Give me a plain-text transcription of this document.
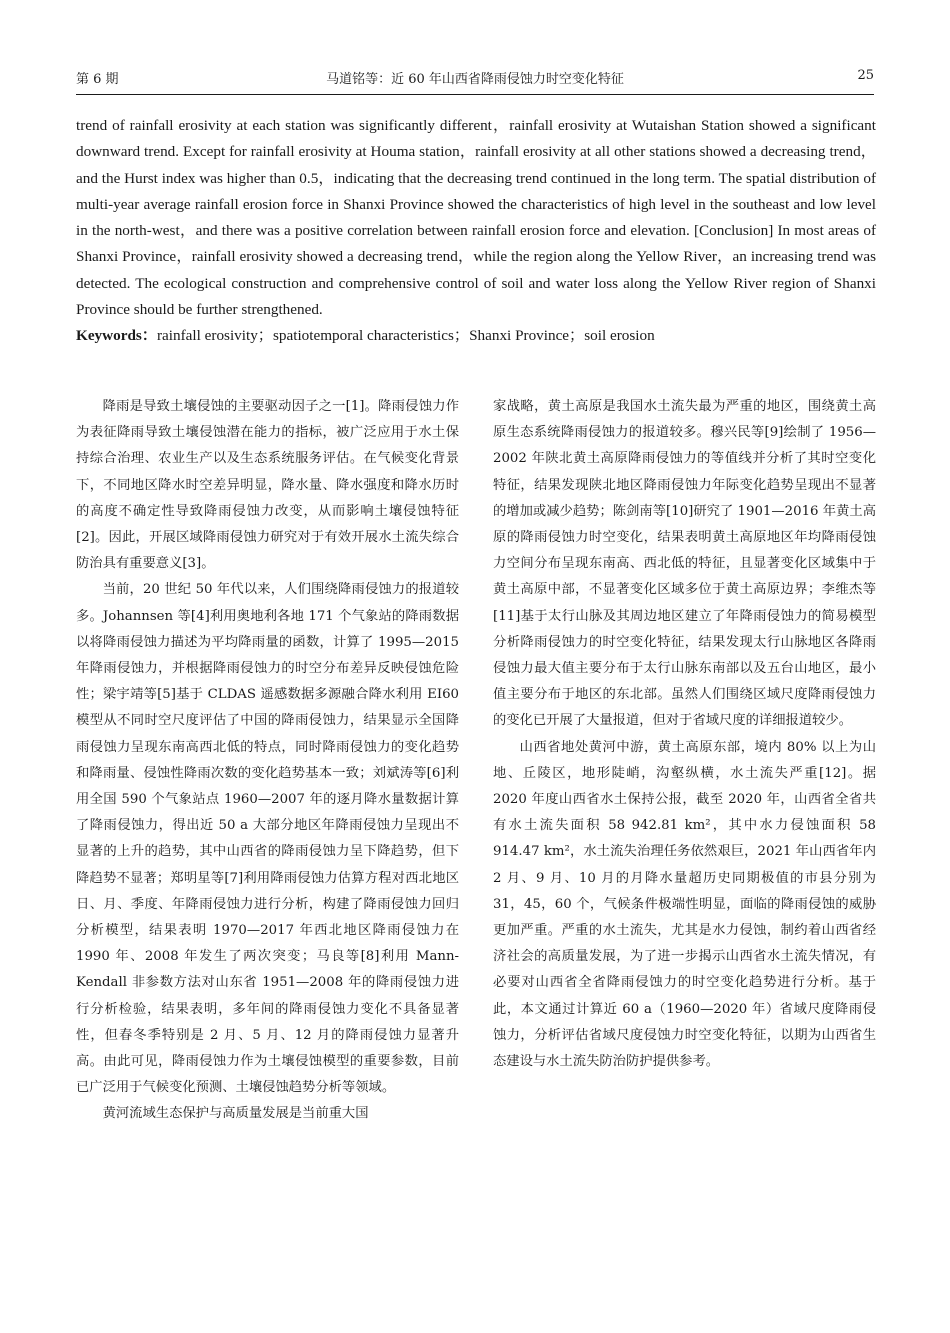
第 6 期	马道铭等：近 60 年山西省降雨侵蚀力时空变化特征	25

trend of rainfall erosivity at each station was significantly different，rainfall erosivity at Wutaishan Station showed a significant downward trend. Except for rainfall erosivity at Houma station，rainfall erosivity at all other stations showed a decreasing trend，and the Hurst index was higher than 0.5，indicating that the decreasing trend continued in the long term. The spatial distribution of multi-year average rainfall erosion force in Shanxi Province showed the characteristics of high level in the southeast and low level in the north-west，and there was a positive correlation between rainfall erosion force and elevation. [Conclusion] In most areas of Shanxi Province，rainfall erosivity showed a decreasing trend，while the region along the Yellow River，an increasing trend was detected. The ecological construction and comprehensive control of soil and water loss along the Yellow River region of Shanxi Province should be further strengthened.

Keywords：rainfall erosivity；spatiotemporal characteristics；Shanxi Province；soil erosion

降雨是导致土壤侵蚀的主要驱动因子之一[1]。降雨侵蚀力作为表征降雨导致土壤侵蚀潜在能力的指标，被广泛应用于水土保持综合治理、农业生产以及生态系统服务评估。在气候变化背景下，不同地区降水时空差异明显，降水量、降水强度和降水历时的高度不确定性导致降雨侵蚀力改变，从而影响土壤侵蚀特征[2]。因此，开展区域降雨侵蚀力研究对于有效开展水土流失综合防治具有重要意义[3]。

当前，20 世纪 50 年代以来，人们围绕降雨侵蚀力的报道较多。Johannsen 等[4]利用奥地利各地 171 个气象站的降雨数据以将降雨侵蚀力描述为平均降雨量的函数，计算了 1995—2015 年降雨侵蚀力，并根据降雨侵蚀力的时空分布差异反映侵蚀危险性；梁宇靖等[5]基于 CLDAS 遥感数据多源融合降水利用 EI60 模型从不同时空尺度评估了中国的降雨侵蚀力，结果显示全国降雨侵蚀力呈现东南高西北低的特点，同时降雨侵蚀力的变化趋势和降雨量、侵蚀性降雨次数的变化趋势基本一致；刘斌涛等[6]利用全国 590 个气象站点 1960—2007 年的逐月降水量数据计算了降雨侵蚀力，得出近 50 a 大部分地区年降雨侵蚀力呈现出不显著的上升的趋势，其中山西省的降雨侵蚀力呈下降趋势，但下降趋势不显著；郑明星等[7]利用降雨侵蚀力估算方程对西北地区日、月、季度、年降雨侵蚀力进行分析，构建了降雨侵蚀力回归分析模型，结果表明 1970—2017 年西北地区降雨侵蚀力在 1990 年、2008 年发生了两次突变；马良等[8]利用 Mann-Kendall 非参数方法对山东省 1951—2008 年的降雨侵蚀力进行分析检验，结果表明，多年间的降雨侵蚀力变化不具备显著性，但春冬季特别是 2 月、5 月、12 月的降雨侵蚀力显著升高。由此可见，降雨侵蚀力作为土壤侵蚀模型的重要参数，目前已广泛用于气候变化预测、土壤侵蚀趋势分析等领域。

黄河流域生态保护与高质量发展是当前重大国

家战略，黄土高原是我国水土流失最为严重的地区，围绕黄土高原生态系统降雨侵蚀力的报道较多。穆兴民等[9]绘制了 1956—2002 年陕北黄土高原降雨侵蚀力的等值线并分析了其时空变化特征，结果发现陕北地区降雨侵蚀力年际变化趋势呈现出不显著的增加或减少趋势；陈剑南等[10]研究了 1901—2016 年黄土高原的降雨侵蚀力时空变化，结果表明黄土高原地区年均降雨侵蚀力空间分布呈现东南高、西北低的特征，且显著变化区域集中于黄土高原中部，不显著变化区域多位于黄土高原边界；李维杰等[11]基于太行山脉及其周边地区建立了年降雨侵蚀力的简易模型分析降雨侵蚀力的时空变化特征，结果发现太行山脉地区各降雨侵蚀力最大值主要分布于太行山脉东南部以及五台山地区，最小值主要分布于地区的东北部。虽然人们围绕区域尺度降雨侵蚀力的变化已开展了大量报道，但对于省域尺度的详细报道较少。

山西省地处黄河中游，黄土高原东部，境内 80% 以上为山地、丘陵区，地形陡峭，沟壑纵横，水土流失严重[12]。据 2020 年度山西省水土保持公报，截至 2020 年，山西省全省共有水土流失面积 58 942.81 km²，其中水力侵蚀面积 58 914.47 km²，水土流失治理任务依然艰巨，2021 年山西省年内 2 月、9 月、10 月的月降水量超历史同期极值的市县分别为 31，45，60 个，气候条件极端性明显，面临的降雨侵蚀的威胁更加严重。严重的水土流失，尤其是水力侵蚀，制约着山西省经济社会的高质量发展，为了进一步揭示山西省水土流失情况，有必要对山西省全省降雨侵蚀力的时空变化趋势进行分析。基于此，本文通过计算近 60 a（1960—2020 年）省域尺度降雨侵蚀力，分析评估省域尺度侵蚀力时空变化特征，以期为山西省生态建设与水土流失防治防护提供参考。
